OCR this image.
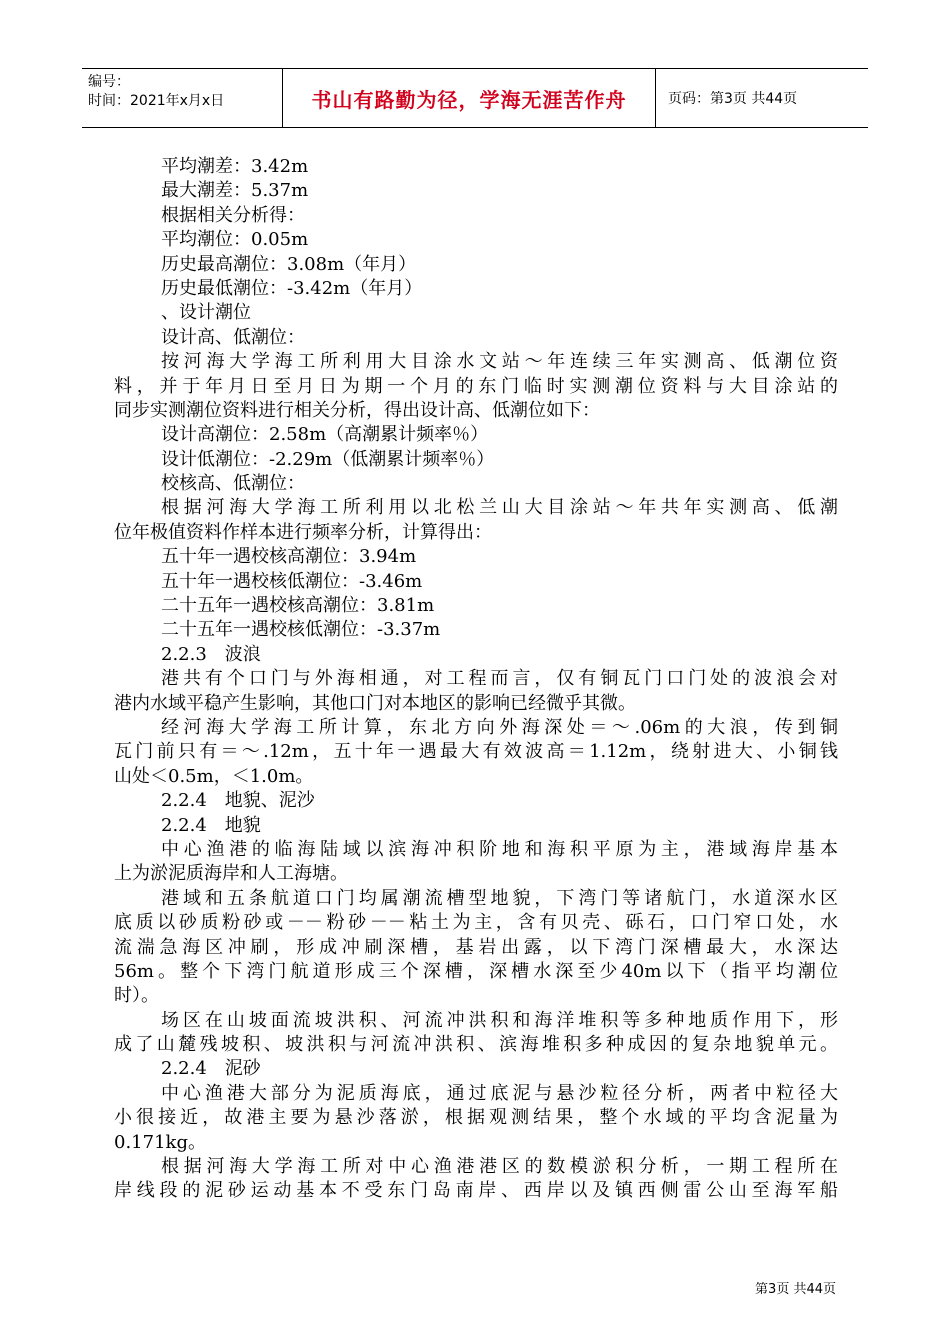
编号：
时间：2021年x月x日	书山有路勤为径，学海无涯苦作舟	页码：第3页 共44页
平均潮差：3.42m
最大潮差：5.37m
根据相关分析得：
平均潮位：0.05m
历史最高潮位：3.08m（年月）
历史最低潮位：-3.42m（年月）
、设计潮位
设计高、低潮位：
按河海大学海工所利用大目涂水文站～年连续三年实测高、低潮位资
料，并于年月日至月日为期一个月的东门临时实测潮位资料与大目涂站的
同步实测潮位资料进行相关分析，得出设计高、低潮位如下：
设计高潮位：2.58m（高潮累计频率％）
设计低潮位：-2.29m（低潮累计频率％）
校核高、低潮位：
根据河海大学海工所利用以北松兰山大目涂站～年共年实测高、低潮
位年极值资料作样本进行频率分析，计算得出：
五十年一遇校核高潮位：3.94m
五十年一遇校核低潮位：-3.46m
二十五年一遇校核高潮位：3.81m
二十五年一遇校核低潮位：-3.37m
2.2.3　波浪
港共有个口门与外海相通，对工程而言，仅有铜瓦门口门处的波浪会对
港内水域平稳产生影响，其他口门对本地区的影响已经微乎其微。
经河海大学海工所计算，东北方向外海深处＝～.06m的大浪，传到铜
瓦门前只有＝～.12m，五十年一遇最大有效波高＝1.12m，绕射进大、小铜钱
山处＜0.5m，＜1.0m。
2.2.4　地貌、泥沙
2.2.4　地貌
中心渔港的临海陆域以滨海冲积阶地和海积平原为主，港域海岸基本
上为淤泥质海岸和人工海塘。
港域和五条航道口门均属潮流槽型地貌，下湾门等诸航门，水道深水区
底质以砂质粉砂或－－粉砂－－粘土为主，含有贝壳、砾石，口门窄口处，水
流湍急海区冲刷，形成冲刷深槽，基岩出露，以下湾门深槽最大，水深达
56m。整个下湾门航道形成三个深槽，深槽水深至少40m以下（指平均潮位
时）。
场区在山坡面流坡洪积、河流冲洪积和海洋堆积等多种地质作用下，形
成了山麓残坡积、坡洪积与河流冲洪积、滨海堆积多种成因的复杂地貌单元。
2.2.4　泥砂
中心渔港大部分为泥质海底，通过底泥与悬沙粒径分析，两者中粒径大
小很接近，故港主要为悬沙落淤，根据观测结果，整个水域的平均含泥量为
0.171kg。
根据河海大学海工所对中心渔港港区的数模淤积分析，一期工程所在
岸线段的泥砂运动基本不受东门岛南岸、西岸以及镇西侧雷公山至海军船
第3页 共44页
